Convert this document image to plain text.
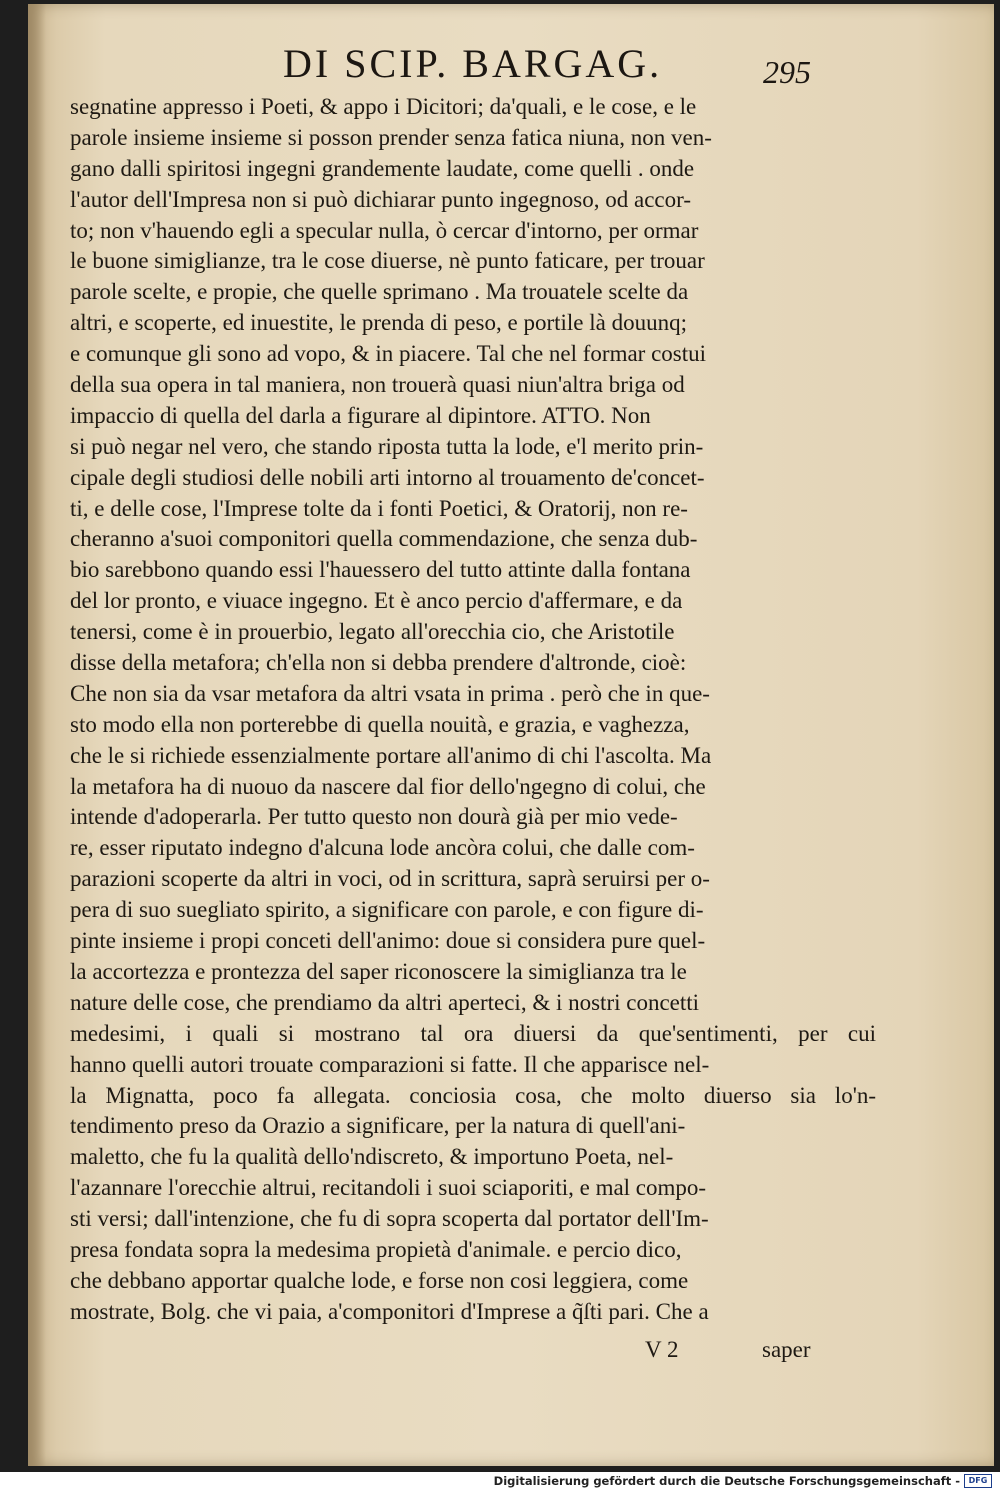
DI SCIP. BARGAG.	295
segnatine appresso i Poeti, & appo i Dicitori; da'quali, e le cose, e le
parole insieme insieme si posson prender senza fatica niuna, non ven-
gano dalli spiritosi ingegni grandemente laudate, come quelli . onde
l'autor dell'Impresa non si può dichiarar punto ingegnoso, od accor-
to; non v'hauendo egli a specular nulla, ò cercar d'intorno, per ormar
le buone simiglianze, tra le cose diuerse, nè punto faticare, per trouar
parole scelte, e propie, che quelle sprimano . Ma trouatele scelte da
altri, e scoperte, ed inuestite, le prenda di peso, e portile là douunq;
e comunque gli sono ad vopo, & in piacere. Tal che nel formar costui
della sua opera in tal maniera, non trouerà quasi niun'altra briga od
impaccio di quella del darla a figurare al dipintore. ATTO. Non
si può negar nel vero, che stando riposta tutta la lode, e'l merito prin-
cipale degli studiosi delle nobili arti intorno al trouamento de'concet-
ti, e delle cose, l'Imprese tolte da i fonti Poetici, & Oratorij, non re-
cheranno a'suoi componitori quella commendazione, che senza dub-
bio sarebbono quando essi l'hauessero del tutto attinte dalla fontana
del lor pronto, e viuace ingegno. Et è anco percio d'affermare, e da
tenersi, come è in prouerbio, legato all'orecchia cio, che Aristotile
disse della metafora; ch'ella non si debba prendere d'altronde, cioè:
Che non sia da vsar metafora da altri vsata in prima . però che in que-
sto modo ella non porterebbe di quella nouità, e grazia, e vaghezza,
che le si richiede essenzialmente portare all'animo di chi l'ascolta. Ma
la metafora ha di nuouo da nascere dal fior dello'ngegno di colui, che
intende d'adoperarla. Per tutto questo non dourà già per mio vede-
re, esser riputato indegno d'alcuna lode ancòra colui, che dalle com-
parazioni scoperte da altri in voci, od in scrittura, saprà seruirsi per o-
pera di suo suegliato spirito, a significare con parole, e con figure di-
pinte insieme i propi conceti dell'animo: doue si considera pure quel-
la accortezza e prontezza del saper riconoscere la simiglianza tra le
nature delle cose, che prendiamo da altri aperteci, & i nostri concetti
medesimi, i quali si mostrano tal ora diuersi da que'sentimenti, per cui
hanno quelli autori trouate comparazioni si fatte. Il che apparisce nel-
la Mignatta, poco fa allegata. conciosia cosa, che molto diuerso sia lo'n-
tendimento preso da Orazio a significare, per la natura di quell'ani-
maletto, che fu la qualità dello'ndiscreto, & importuno Poeta, nel-
l'azannare l'orecchie altrui, recitandoli i suoi sciaporiti, e mal compo-
sti versi; dall'intenzione, che fu di sopra scoperta dal portator dell'Im-
presa fondata sopra la medesima propietà d'animale. e percio dico,
che debbano apportar qualche lode, e forse non cosi leggiera, come
mostrate, Bolg. che vi paia, a'componitori d'Imprese a q̃ſti pari. Che a
V 2	saper
Digitalisierung gefördert durch die Deutsche Forschungsgemeinschaft -	DFG
